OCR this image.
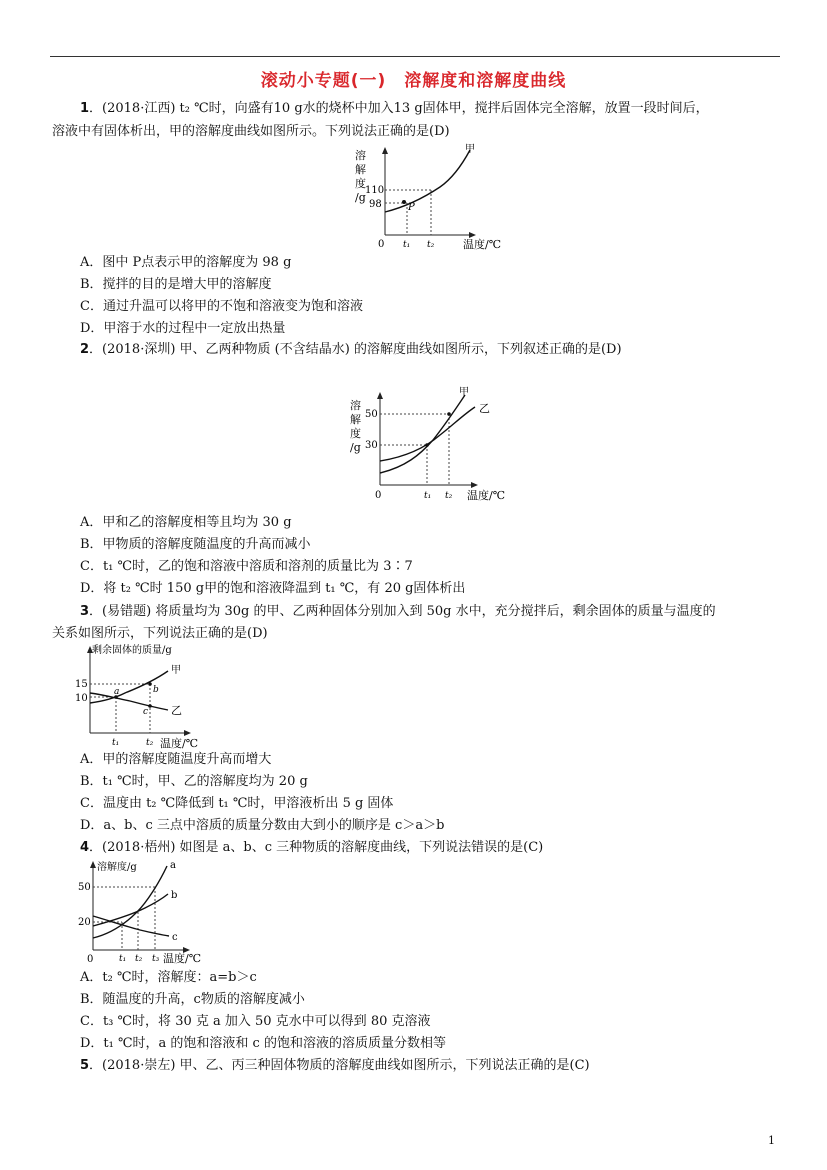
滚动小专题(一)　溶解度和溶解度曲线
1．(2018·江西) t₂ ℃时，向盛有10 g水的烧杯中加入13 g固体甲，搅拌后固体完全溶解，放置一段时间后，
溶液中有固体析出，甲的溶解度曲线如图所示。下列说法正确的是(D)
溶
解
度
/g
0
110
98	P
甲
t₁ t₂	温度/℃
A．图中 P点表示甲的溶解度为 98 g
B．搅拌的目的是增大甲的溶解度
C．通过升温可以将甲的不饱和溶液变为饱和溶液
D．甲溶于水的过程中一定放出热量
2．(2018·深圳) 甲、乙两种物质 (不含结晶水) 的溶解度曲线如图所示，下列叙述正确的是(D)
溶
解
度
/g
0
50
30
甲
乙
t₁ t₂ 温度/℃
A．甲和乙的溶解度相等且均为 30 g
B．甲物质的溶解度随温度的升高而减小
C．t₁ ℃时，乙的饱和溶液中溶质和溶剂的质量比为 3∶7
D．将 t₂ ℃时 150 g甲的饱和溶液降温到 t₁ ℃，有 20 g固体析出
3．(易错题) 将质量均为 30g 的甲、乙两种固体分别加入到 50g 水中，充分搅拌后，剩余固体的质量与温度的
关系如图所示，下列说法正确的是(D)
剩余固体的质量/g
15
10
a	b
c
甲
乙
t₁	t₂ 温度/℃
A．甲的溶解度随温度升高而增大
B．t₁ ℃时，甲、乙的溶解度均为 20 g
C．温度由 t₂ ℃降低到 t₁ ℃时，甲溶液析出 5 g 固体
D．a、b、c 三点中溶质的质量分数由大到小的顺序是 c＞a＞b
4．(2018·梧州) 如图是 a、b、c 三种物质的溶解度曲线，下列说法错误的是(C)
溶解度/g
0
50
20
a
b
c
t₁ t₂ t₃ 温度/℃
A．t₂ ℃时，溶解度：a=b＞c
B．随温度的升高，c物质的溶解度减小
C．t₃ ℃时，将 30 克 a 加入 50 克水中可以得到 80 克溶液
D．t₁ ℃时，a 的饱和溶液和 c 的饱和溶液的溶质质量分数相等
5．(2018·崇左) 甲、乙、丙三种固体物质的溶解度曲线如图所示，下列说法正确的是(C)
1
